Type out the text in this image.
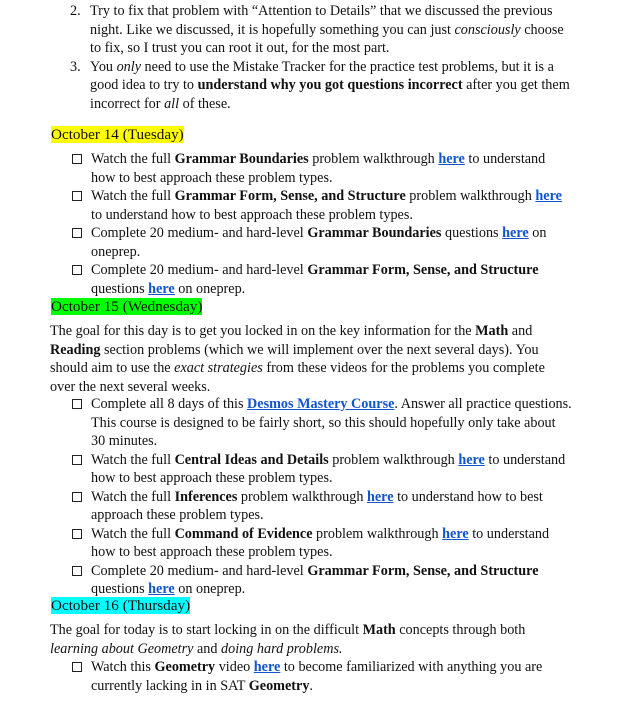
2. Try to fix that problem with “Attention to Details” that we discussed the previous night. Like we discussed, it is hopefully something you can just consciously choose to fix, so I trust you can root it out, for the most part.

3. You only need to use the Mistake Tracker for the practice test problems, but it is a good idea to try to understand why you got questions incorrect after you get them incorrect for all of these.

October 14 (Tuesday)

Watch the full Grammar Boundaries problem walkthrough here to understand how to best approach these problem types.

Watch the full Grammar Form, Sense, and Structure problem walkthrough here to understand how to best approach these problem types.

Complete 20 medium- and hard-level Grammar Boundaries questions here on oneprep.

Complete 20 medium- and hard-level Grammar Form, Sense, and Structure questions here on oneprep.

October 15 (Wednesday)

The goal for this day is to get you locked in on the key information for the Math and Reading section problems (which we will implement over the next several days). You should aim to use the exact strategies from these videos for the problems you complete over the next several weeks.

Complete all 8 days of this Desmos Mastery Course. Answer all practice questions. This course is designed to be fairly short, so this should hopefully only take about 30 minutes.

Watch the full Central Ideas and Details problem walkthrough here to understand how to best approach these problem types.

Watch the full Inferences problem walkthrough here to understand how to best approach these problem types.

Watch the full Command of Evidence problem walkthrough here to understand how to best approach these problem types.

Complete 20 medium- and hard-level Grammar Form, Sense, and Structure questions here on oneprep.

October 16 (Thursday)

The goal for today is to start locking in on the difficult Math concepts through both learning about Geometry and doing hard problems.

Watch this Geometry video here to become familiarized with anything you are currently lacking in in SAT Geometry.
